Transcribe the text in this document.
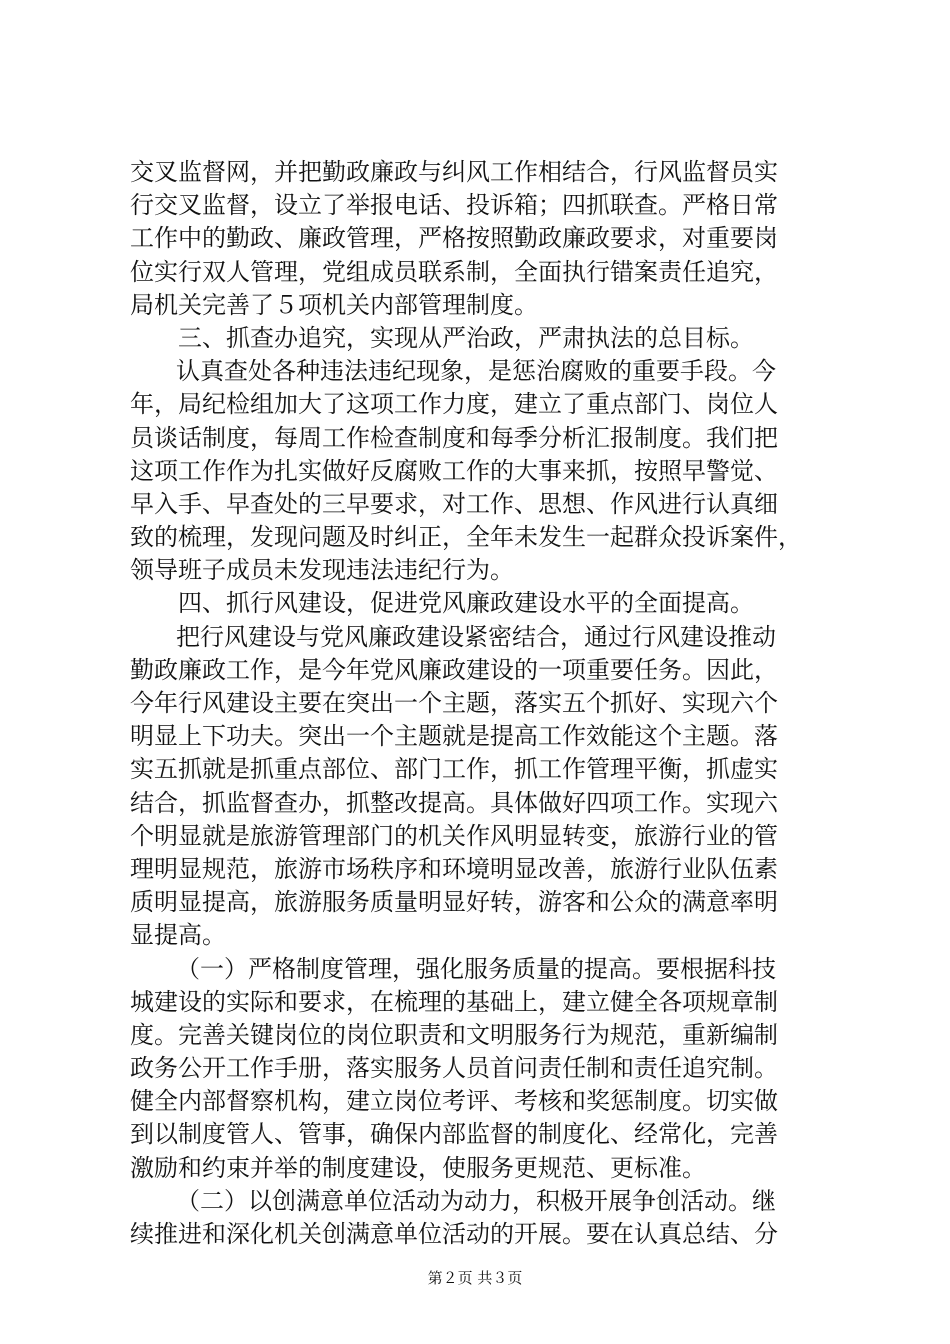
交叉监督网，并把勤政廉政与纠风工作相结合，行风监督员实
行交叉监督，设立了举报电话、投诉箱；四抓联查。严格日常
工作中的勤政、廉政管理，严格按照勤政廉政要求，对重要岗
位实行双人管理，党组成员联系制，全面执行错案责任追究，
局机关完善了５项机关内部管理制度。
三、抓查办追究，实现从严治政，严肃执法的总目标。
认真查处各种违法违纪现象，是惩治腐败的重要手段。今
年，局纪检组加大了这项工作力度，建立了重点部门、岗位人
员谈话制度，每周工作检查制度和每季分析汇报制度。我们把
这项工作作为扎实做好反腐败工作的大事来抓，按照早警觉、
早入手、早查处的三早要求，对工作、思想、作风进行认真细
致的梳理，发现问题及时纠正，全年未发生一起群众投诉案件，
领导班子成员未发现违法违纪行为。
四、抓行风建设，促进党风廉政建设水平的全面提高。
把行风建设与党风廉政建设紧密结合，通过行风建设推动
勤政廉政工作，是今年党风廉政建设的一项重要任务。因此，
今年行风建设主要在突出一个主题，落实五个抓好、实现六个
明显上下功夫。突出一个主题就是提高工作效能这个主题。落
实五抓就是抓重点部位、部门工作，抓工作管理平衡，抓虚实
结合，抓监督查办，抓整改提高。具体做好四项工作。实现六
个明显就是旅游管理部门的机关作风明显转变，旅游行业的管
理明显规范，旅游市场秩序和环境明显改善，旅游行业队伍素
质明显提高，旅游服务质量明显好转，游客和公众的满意率明
显提高。
（一）严格制度管理，强化服务质量的提高。要根据科技
城建设的实际和要求，在梳理的基础上，建立健全各项规章制
度。完善关键岗位的岗位职责和文明服务行为规范，重新编制
政务公开工作手册，落实服务人员首问责任制和责任追究制。
健全内部督察机构，建立岗位考评、考核和奖惩制度。切实做
到以制度管人、管事，确保内部监督的制度化、经常化，完善
激励和约束并举的制度建设，使服务更规范、更标准。
（二）以创满意单位活动为动力，积极开展争创活动。继
续推进和深化机关创满意单位活动的开展。要在认真总结、分
第２页 共３页
